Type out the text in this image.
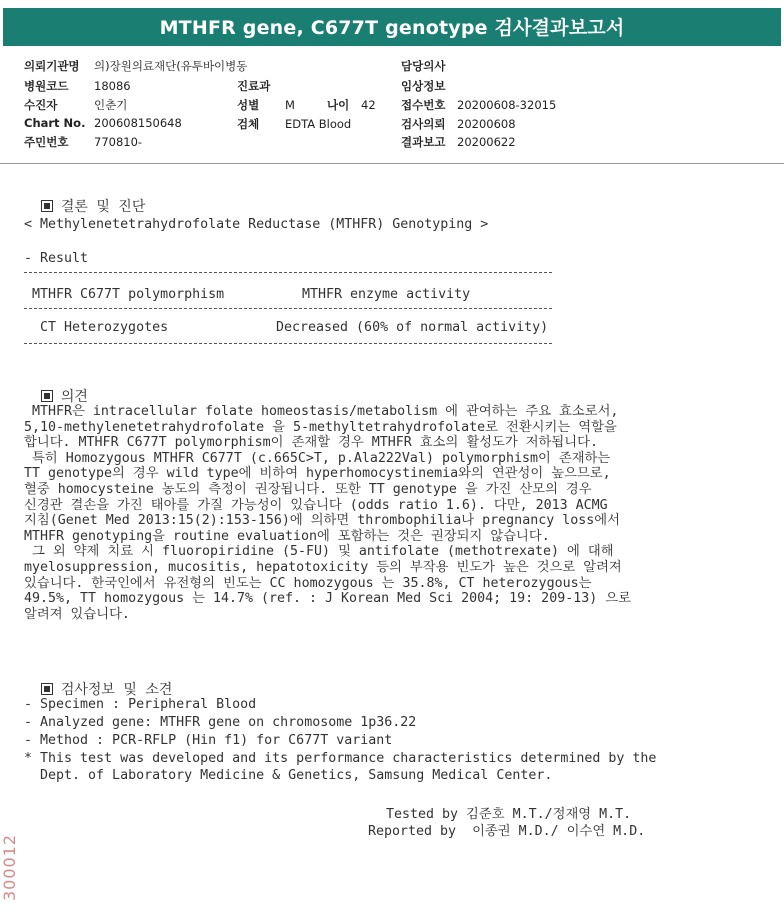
MTHFR gene, C677T genotype 검사결과보고서
의뢰기관명 의)장원의료재단(유투바이병동
병원코드 18086
수진자	인춘기
Chart No. 200608150648
주민번호 770810-
진료과
성별 M	나이 42
검체 EDTA Blood
담당의사
임상정보
접수번호 20200608-32015
검사의뢰 20200608
결과보고 20200622

결론 및 진단

< Methylenetetrahydrofolate Reductase (MTHFR) Genotyping >
- Result
MTHFR C677T polymorphism	MTHFR enzyme activity
CT Heterozygotes	Decreased (60% of normal activity)

의견

MTHFR은 intracellular folate homeostasis/metabolism 에 관여하는 주요 효소로서,
5,10-methylenetetrahydrofolate 을 5-methyltetrahydrofolate로 전환시키는 역할을
합니다. MTHFR C677T polymorphism이 존재할 경우 MTHFR 효소의 활성도가 저하됩니다.
특히 Homozygous MTHFR C677T (c.665C>T, p.Ala222Val) polymorphism이 존재하는
TT genotype의 경우 wild type에 비하여 hyperhomocystinemia와의 연관성이 높으므로,
혈중 homocysteine 농도의 측정이 권장됩니다. 또한 TT genotype 을 가진 산모의 경우
신경관 결손을 가진 태아를 가질 가능성이 있습니다 (odds ratio 1.6). 다만, 2013 ACMG
지침(Genet Med 2013:15(2):153-156)에 의하면 thrombophilia나 pregnancy loss에서
MTHFR genotyping을 routine evaluation에 포함하는 것은 권장되지 않습니다.
그 외 약제 치료 시 fluoropiridine (5-FU) 및 antifolate (methotrexate) 에 대해
myelosuppression, mucositis, hepatotoxicity 등의 부작용 빈도가 높은 것으로 알려져
있습니다. 한국인에서 유전형의 빈도는 CC homozygous 는 35.8%, CT heterozygous는
49.5%, TT homozygous 는 14.7% (ref. : J Korean Med Sci 2004; 19: 209-13) 으로
알려져 있습니다.

검사정보 및 소견

- Specimen : Peripheral Blood
- Analyzed gene: MTHFR gene on chromosome 1p36.22
- Method : PCR-RFLP (Hin f1) for C677T variant
* This test was developed and its performance characteristics determined by the
Dept. of Laboratory Medicine & Genetics, Samsung Medical Center.
Tested by 김준호 M.T./정재영 M.T.
Reported by  이종권 M.D./ 이수연 M.D.
300012
